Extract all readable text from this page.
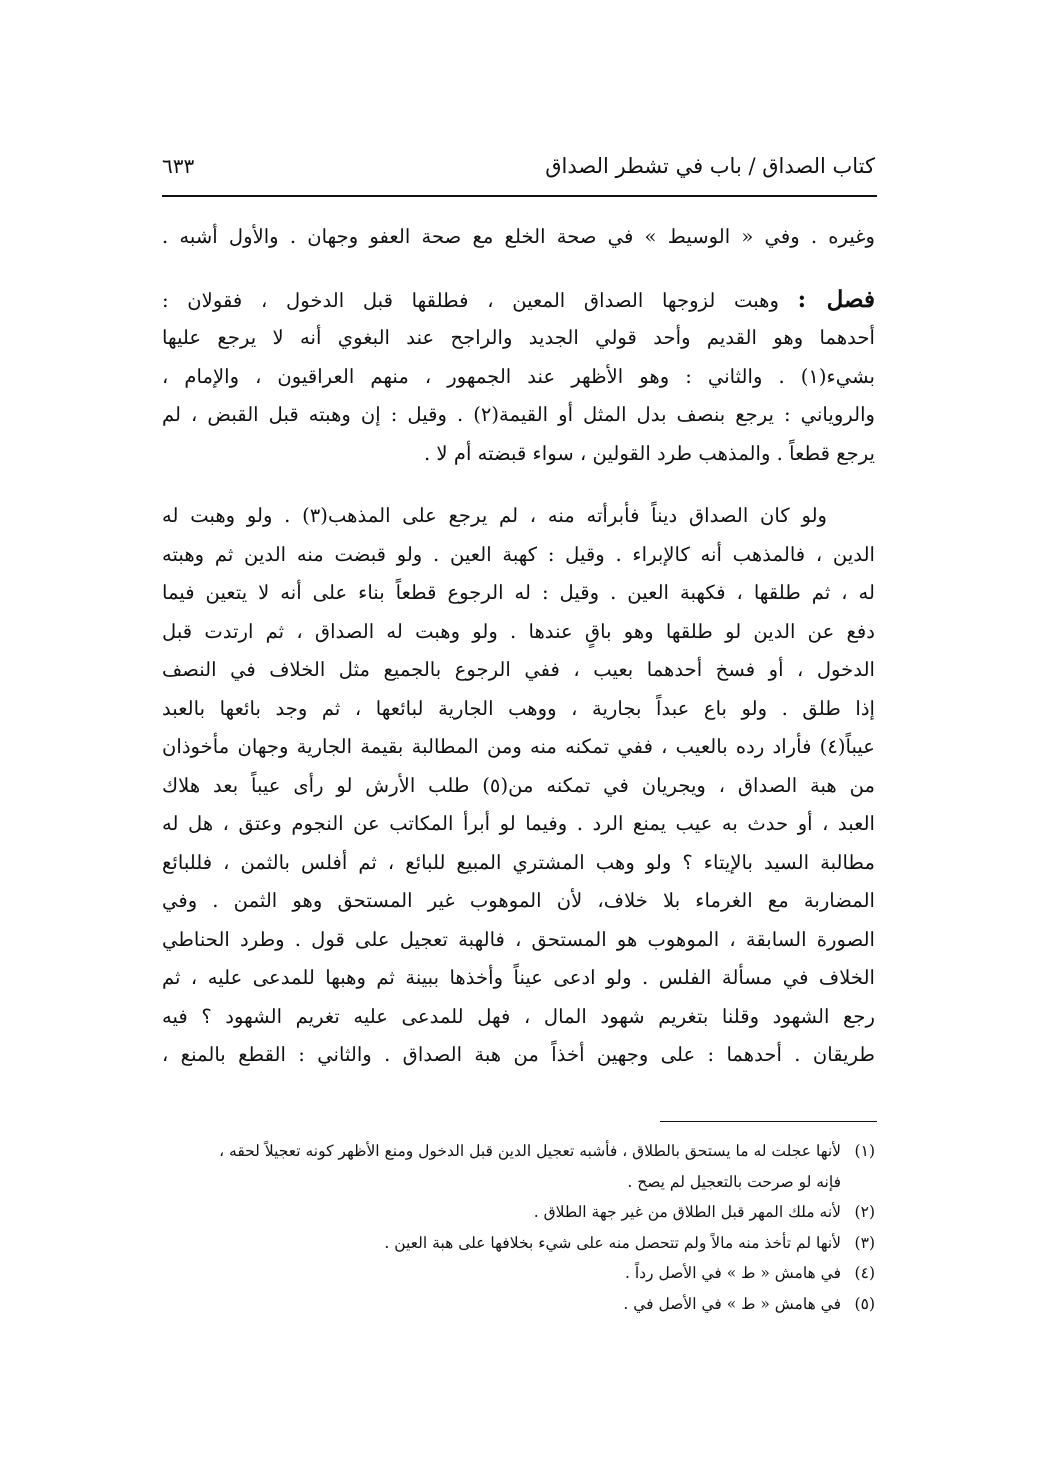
كتاب الصداق / باب في تشطر الصداق
٦٣٣
وغيره . وفي « الوسيط » في صحة الخلع مع صحة العفو وجهان . والأول أشبه .
فصل : وهبت لزوجها الصداق المعين ، فطلقها قبل الدخول ، فقولان :
أحدهما وهو القديم وأحد قولي الجديد والراجح عند البغوي أنه لا يرجع عليها
بشيء(١) . والثاني : وهو الأظهر عند الجمهور ، منهم العراقيون ، والإمام ،
والروياني : يرجع بنصف بدل المثل أو القيمة(٢) . وقيل : إن وهبته قبل القبض ، لم
يرجع قطعاً . والمذهب طرد القولين ، سواء قبضته أم لا .
ولو كان الصداق ديناً فأبرأته منه ، لم يرجع على المذهب(٣) . ولو وهبت له
الدين ، فالمذهب أنه كالإبراء . وقيل : كهبة العين . ولو قبضت منه الدين ثم وهبته
له ، ثم طلقها ، فكهبة العين . وقيل : له الرجوع قطعاً بناء على أنه لا يتعين فيما
دفع عن الدين لو طلقها وهو باقٍ عندها . ولو وهبت له الصداق ، ثم ارتدت قبل
الدخول ، أو فسخ أحدهما بعيب ، ففي الرجوع بالجميع مثل الخلاف في النصف
إذا طلق . ولو باع عبداً بجارية ، ووهب الجارية لبائعها ، ثم وجد بائعها بالعبد
عيباً(٤) فأراد رده بالعيب ، ففي تمكنه منه ومن المطالبة بقيمة الجارية وجهان مأخوذان
من هبة الصداق ، ويجريان في تمكنه من(٥) طلب الأرش لو رأى عيباً بعد هلاك
العبد ، أو حدث به عيب يمنع الرد . وفيما لو أبرأ المكاتب عن النجوم وعتق ، هل له
مطالبة السيد بالإيتاء ؟ ولو وهب المشتري المبيع للبائع ، ثم أفلس بالثمن ، فللبائع
المضاربة مع الغرماء بلا خلاف، لأن الموهوب غير المستحق وهو الثمن . وفي
الصورة السابقة ، الموهوب هو المستحق ، فالهبة تعجيل على قول . وطرد الحناطي
الخلاف في مسألة الفلس . ولو ادعى عيناً وأخذها ببينة ثم وهبها للمدعى عليه ، ثم
رجع الشهود وقلنا بتغريم شهود المال ، فهل للمدعى عليه تغريم الشهود ؟ فيه
طريقان . أحدهما : على وجهين أخذاً من هبة الصداق . والثاني : القطع بالمنع ،
(١)لأنها عجلت له ما يستحق بالطلاق ، فأشبه تعجيل الدين قبل الدخول ومنع الأظهر كونه تعجيلاً لحقه ،
فإنه لو صرحت بالتعجيل لم يصح .
(٢)لأنه ملك المهر قبل الطلاق من غير جهة الطلاق .
(٣)لأنها لم تأخذ منه مالاً ولم تتحصل منه على شيء بخلافها على هبة العين .
(٤)في هامش « ط » في الأصل رداً .
(٥)في هامش « ط » في الأصل في .
